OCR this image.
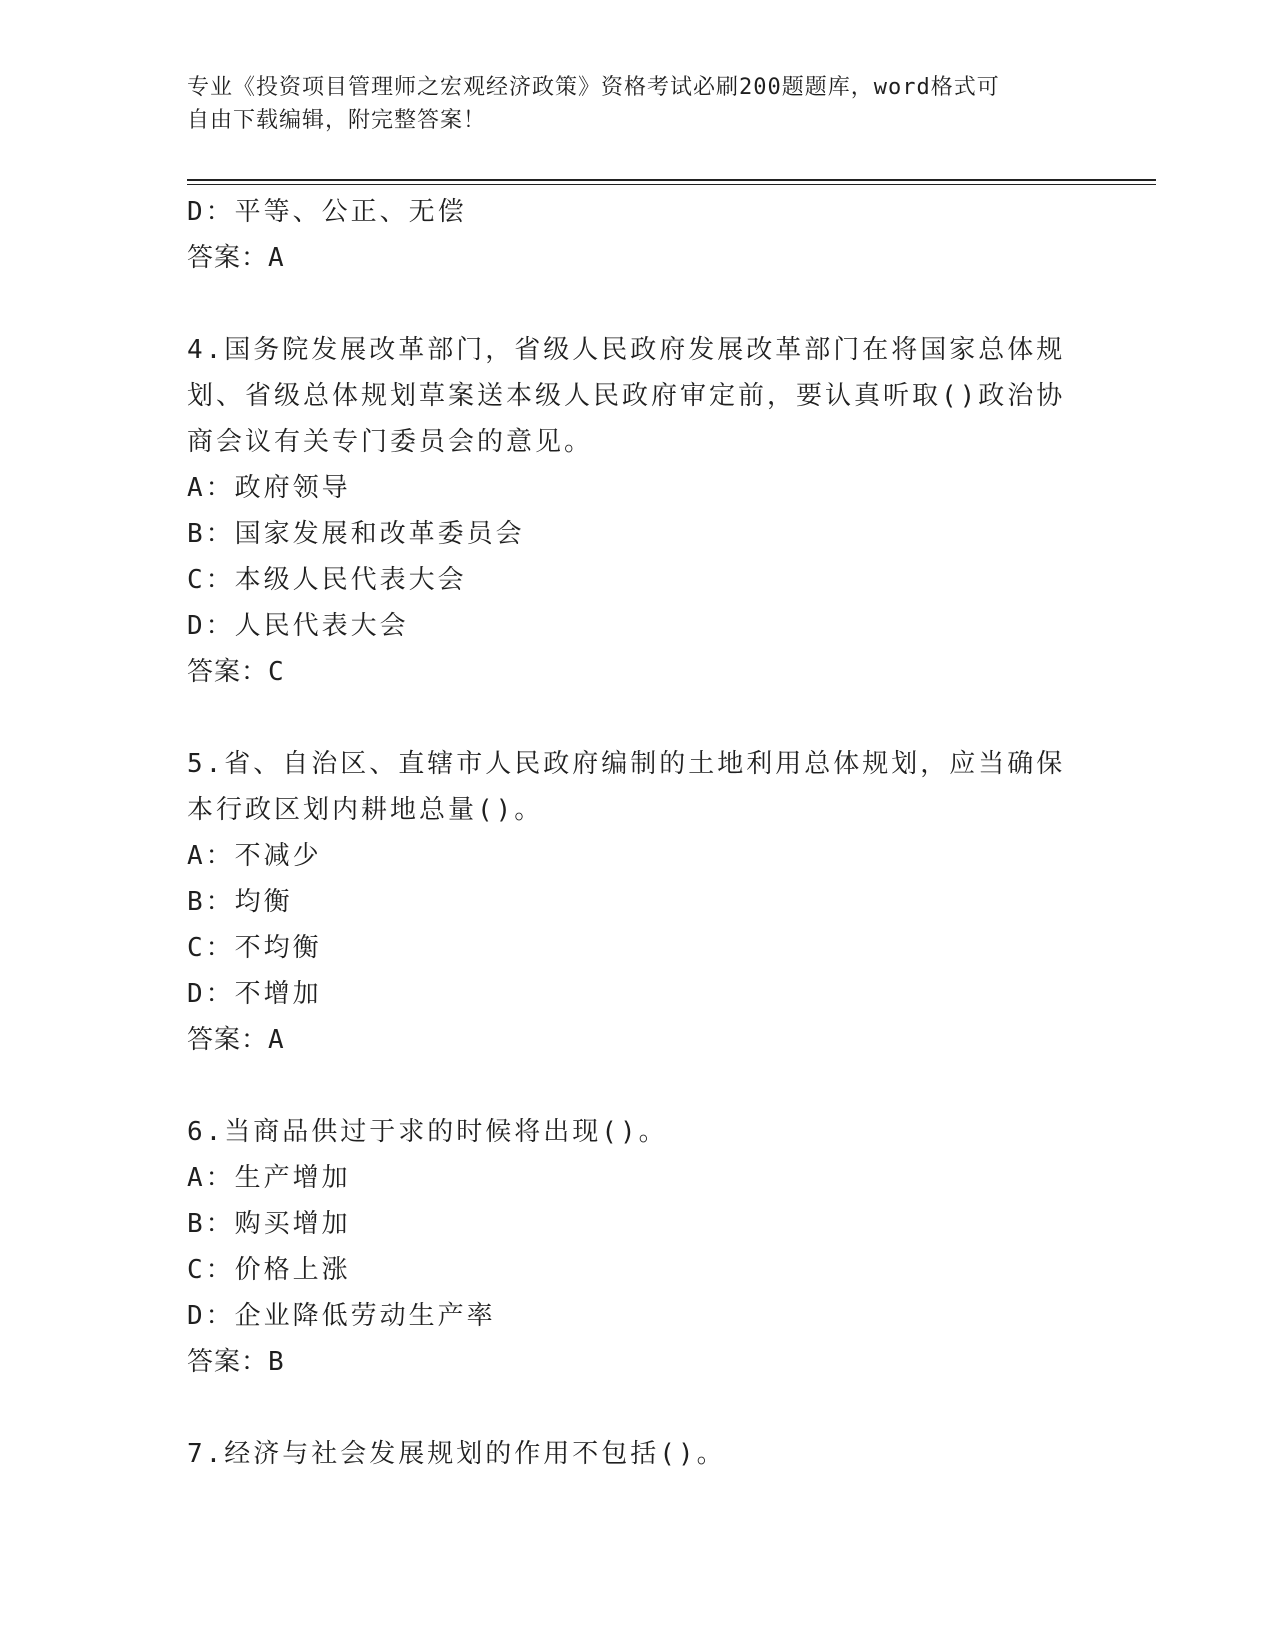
专业《投资项目管理师之宏观经济政策》资格考试必刷200题题库，word格式可
自由下载编辑，附完整答案！
D：平等、公正、无偿
答案：A
4.国务院发展改革部门，省级人民政府发展改革部门在将国家总体规
划、省级总体规划草案送本级人民政府审定前，要认真听取()政治协
商会议有关专门委员会的意见。
A：政府领导
B：国家发展和改革委员会
C：本级人民代表大会
D：人民代表大会
答案：C
5.省、自治区、直辖市人民政府编制的土地利用总体规划，应当确保
本行政区划内耕地总量()。
A：不减少
B：均衡
C：不均衡
D：不增加
答案：A
6.当商品供过于求的时候将出现()。
A：生产增加
B：购买增加
C：价格上涨
D：企业降低劳动生产率
答案：B
7.经济与社会发展规划的作用不包括()。
